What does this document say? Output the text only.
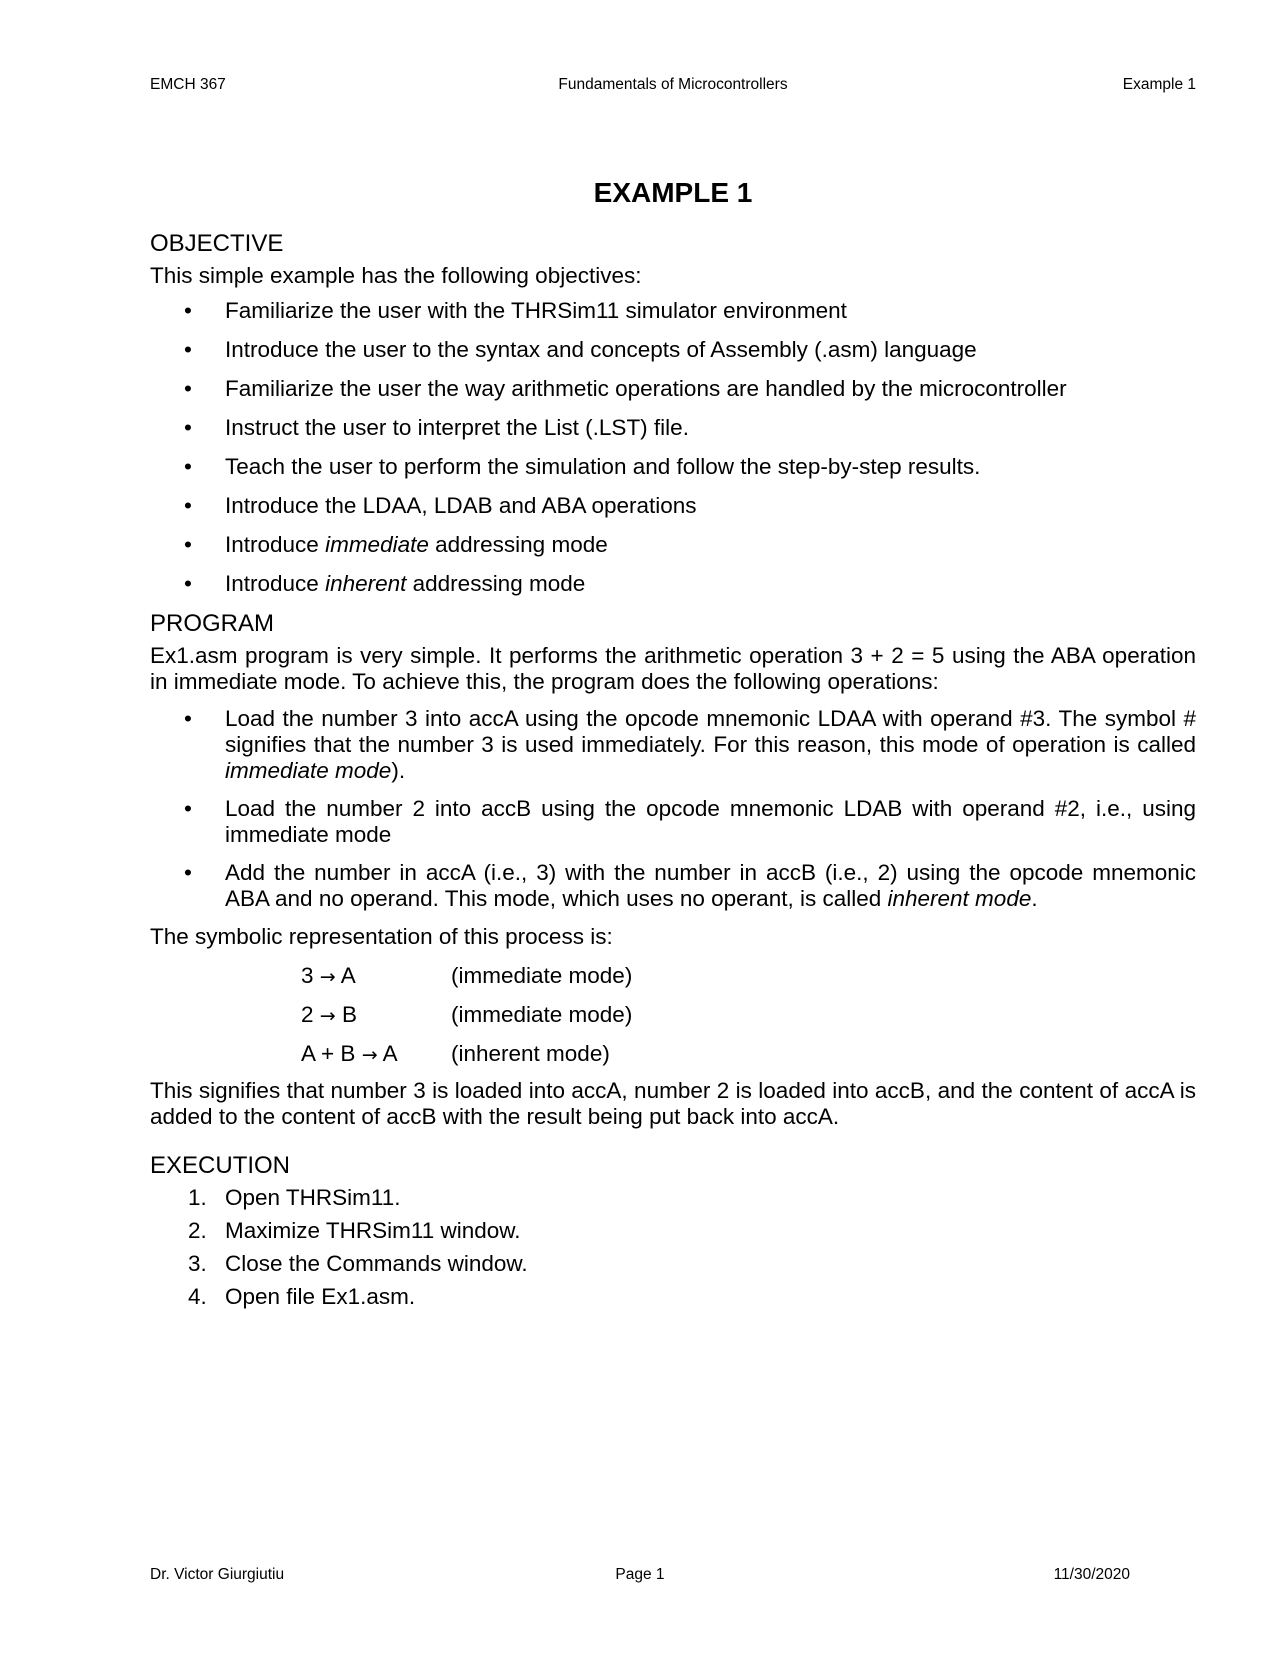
EMCH 367	Fundamentals of Microcontrollers	Example 1
EXAMPLE 1
OBJECTIVE

This simple example has the following objectives:

• Familiarize the user with the THRSim11 simulator environment
• Introduce the user to the syntax and concepts of Assembly (.asm) language
• Familiarize the user the way arithmetic operations are handled by the microcontroller
• Instruct the user to interpret the List (.LST) file.
• Teach the user to perform the simulation and follow the step-by-step results.
• Introduce the LDAA, LDAB and ABA operations
• Introduce immediate addressing mode
• Introduce inherent addressing mode
PROGRAM

Ex1.asm program is very simple. It performs the arithmetic operation 3 + 2 = 5 using the ABA operation in immediate mode. To achieve this, the program does the following operations:

• Load the number 3 into accA using the opcode mnemonic LDAA with operand #3. The symbol # signifies that the number 3 is used immediately. For this reason, this mode of operation is called immediate mode).
• Load the number 2 into accB using the opcode mnemonic LDAB with operand #2, i.e., using immediate mode
• Add the number in accA (i.e., 3) with the number in accB (i.e., 2) using the opcode mnemonic ABA and no operand. This mode, which uses no operant, is called inherent mode.

The symbolic representation of this process is:

3 → A	(immediate mode)
2 → B	(immediate mode)
A + B → A	(inherent mode)

This signifies that number 3 is loaded into accA, number 2 is loaded into accB, and the content of accA is added to the content of accB with the result being put back into accA.

EXECUTION
1. Open THRSim11.
2. Maximize THRSim11 window.
3. Close the Commands window.
4. Open file Ex1.asm.
Dr. Victor Giurgiutiu	Page 1	11/30/2020
